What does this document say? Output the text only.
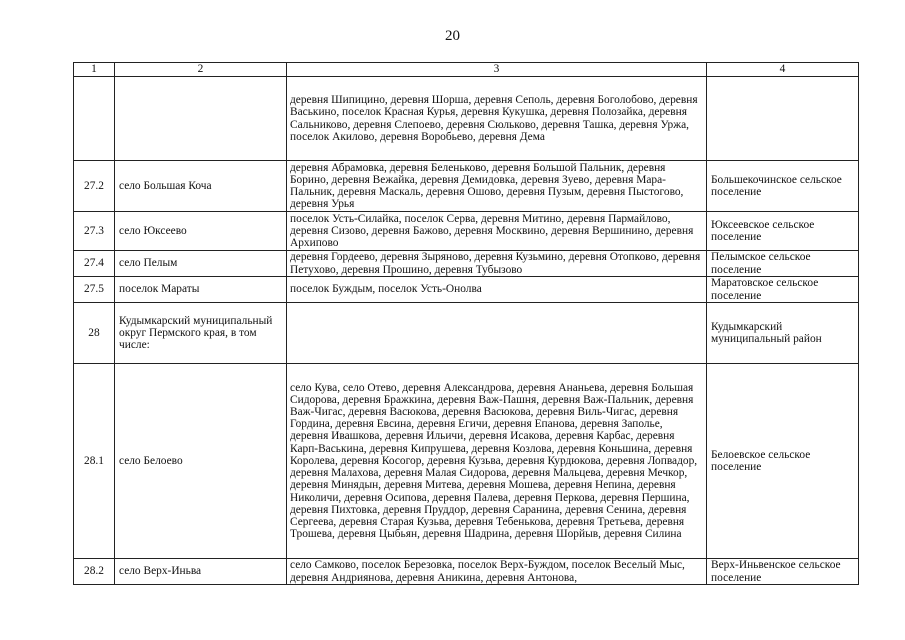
20
1	2	3	4
		деревня Шипицино, деревня Шорша, деревня Сеполь, деревня Боголобово, деревня Васькино, поселок Красная Курья, деревня Кукушка, деревня Полозайка, деревня Сальниково, деревня Слепоево, деревня Сюльково, деревня Ташка, деревня Уржа, поселок Акилово, деревня Воробьево, деревня Дема	
27.2	село Большая Коча	деревня Абрамовка, деревня Беленьково, деревня Большой Пальник, деревня Борино, деревня Вежайка, деревня Демидовка, деревня Зуево, деревня Мара-Пальник, деревня Маскаль, деревня Ошово, деревня Пузым, деревня Пыстогово, деревня Урья	Большекочинское сельское поселение
27.3	село Юксеево	поселок Усть-Силайка, поселок Серва, деревня Митино, деревня Пармайлово, деревня Сизово, деревня Бажово, деревня Москвино, деревня Вершинино, деревня Архипово	Юксеевское сельское поселение
27.4	село Пелым	деревня Гордеево, деревня Зыряново, деревня Кузьмино, деревня Отопково, деревня Петухово, деревня Прошино, деревня Тубызово	Пелымское сельское поселение
27.5	поселок Мараты	поселок Буждым, поселок Усть-Онолва	Маратовское сельское поселение
28	Кудымкарский муниципальный округ Пермского края, в том числе:		Кудымкарский муниципальный район
28.1	село Белоево	село Кува, село Отево, деревня Александрова, деревня Ананьева, деревня Большая Сидорова, деревня Бражкина, деревня Важ-Пашня, деревня Важ-Пальник, деревня Важ-Чигас, деревня Васюкова, деревня Васюкова, деревня Виль-Чигас, деревня Гордина, деревня Евсина, деревня Егичи, деревня Епанова, деревня Заполье, деревня Ивашкова, деревня Ильичи, деревня Исакова, деревня Карбас, деревня Карп-Васькина, деревня Кипрушева, деревня Козлова, деревня Коньшина, деревня Королева, деревня Косогор, деревня Кузьва, деревня Курдюкова, деревня Лопвадор, деревня Малахова, деревня Малая Сидорова, деревня Мальцева, деревня Мечкор, деревня Минядын, деревня Митева, деревня Мошева, деревня Непина, деревня Николичи, деревня Осипова, деревня Палева, деревня Перкова, деревня Першина, деревня Пихтовка, деревня Пруддор, деревня Саранина, деревня Сенина, деревня Сергеева, деревня Старая Кузьва, деревня Тебенькова, деревня Третьева, деревня Трошева, деревня Цыбьян, деревня Шадрина, деревня Шорйыв, деревня Силина	Белоевское сельское поселение
28.2	село Верх-Иньва	село Самково, поселок Березовка, поселок Верх-Буждом, поселок Веселый Мыс, деревня Андриянова, деревня Аникина, деревня Антонова,	Верх-Иньвенское сельское поселение
